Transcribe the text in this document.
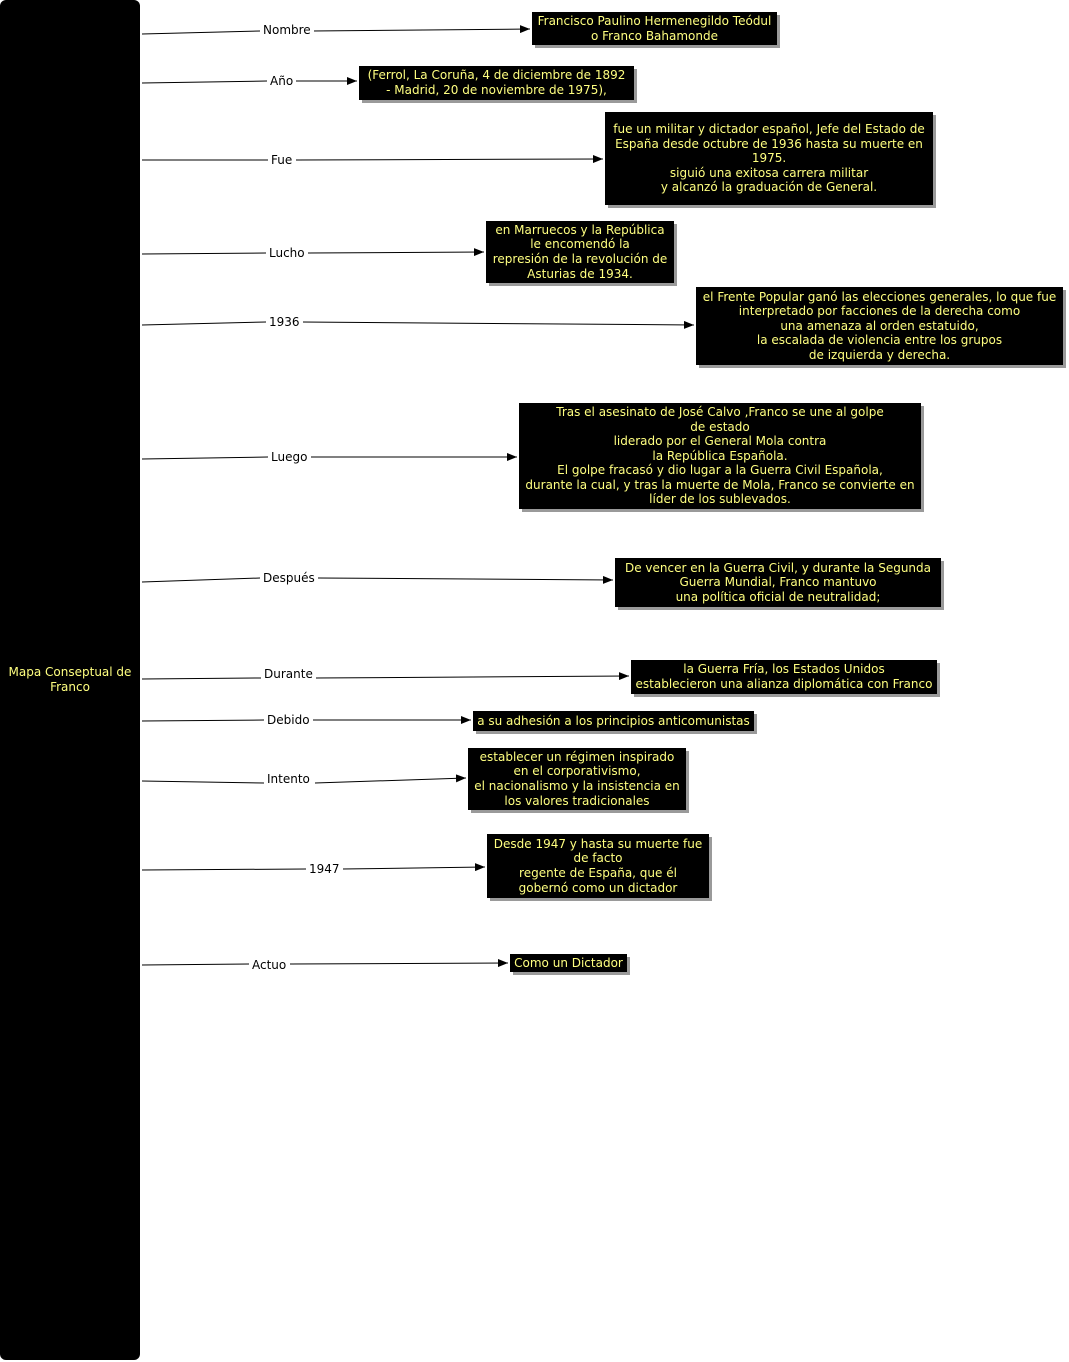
Mapa Conseptual de
Franco
Nombre
Año
Fue
Lucho
1936
Luego
Después
Durante
Debido
Intento
1947
Actuo
Francisco Paulino Hermenegildo Teódul
o Franco Bahamonde
(Ferrol, La Coruña, 4 de diciembre de 1892
- Madrid, 20 de noviembre de 1975),
fue un militar y dictador español, Jefe del Estado de
España desde octubre de 1936 hasta su muerte en
1975.
siguió una exitosa carrera militar
y alcanzó la graduación de General.
en Marruecos y la República
le encomendó la
represión de la revolución de
Asturias de 1934.
el Frente Popular ganó las elecciones generales, lo que fue
interpretado por facciones de la derecha como
una amenaza al orden estatuido,
la escalada de violencia entre los grupos
de izquierda y derecha.
Tras el asesinato de José Calvo ,Franco se une al golpe
de estado
liderado por el General Mola contra
la República Española.
El golpe fracasó y dio lugar a la Guerra Civil Española,
durante la cual, y tras la muerte de Mola, Franco se convierte en
líder de los sublevados.
De vencer en la Guerra Civil, y durante la Segunda
Guerra Mundial, Franco mantuvo
una política oficial de neutralidad;
la Guerra Fría, los Estados Unidos
establecieron una alianza diplomática con Franco
a su adhesión a los principios anticomunistas
establecer un régimen inspirado
en el corporativismo,
el nacionalismo y la insistencia en
los valores tradicionales
Desde 1947 y hasta su muerte fue
de facto
regente de España, que él
gobernó como un dictador
Como un Dictador
